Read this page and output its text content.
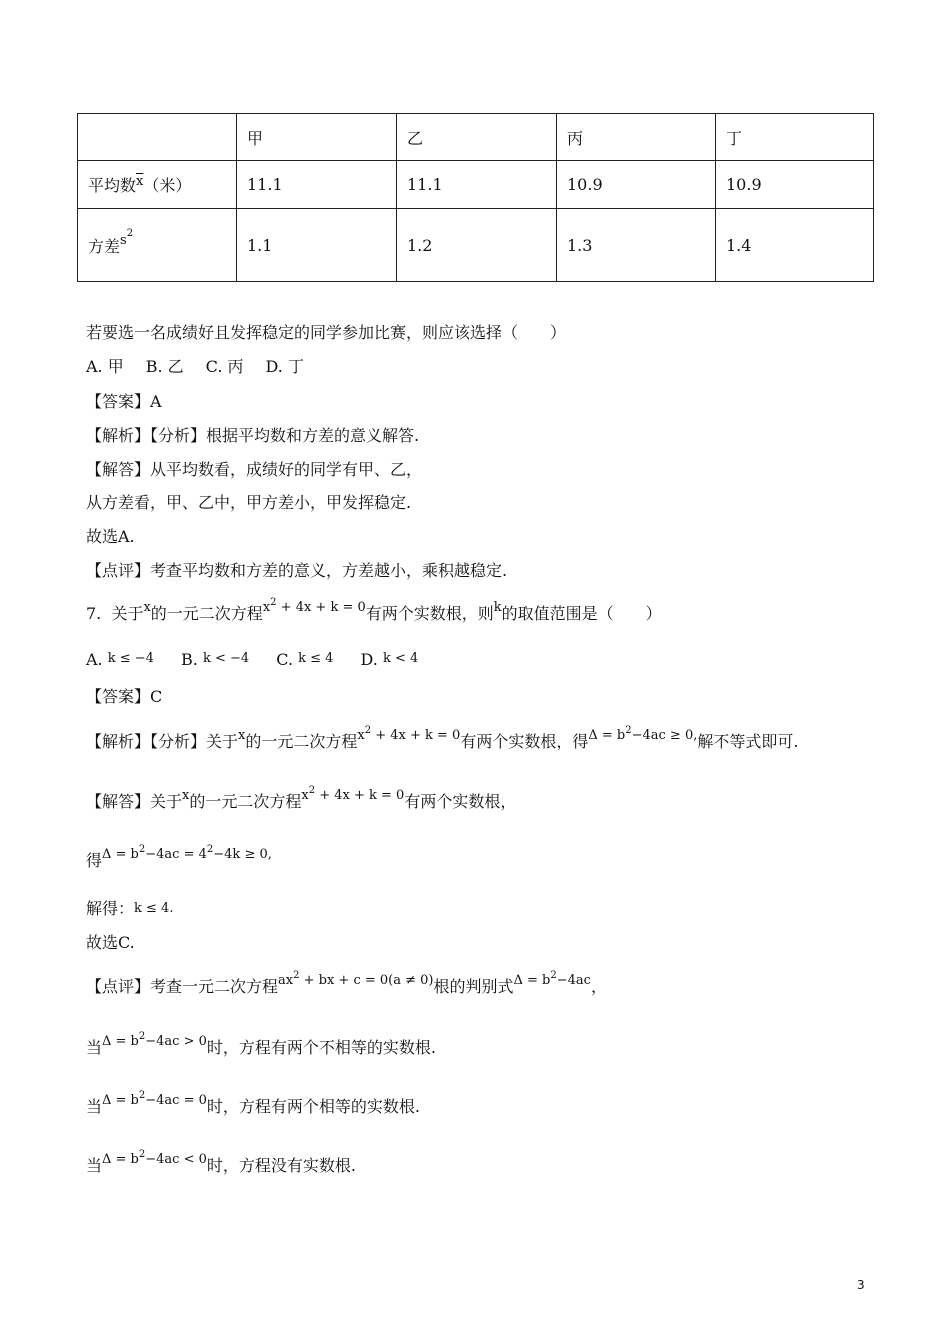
	甲	乙	丙	丁
平均数$^{\overline{x}}$（米）	11.1	11.1	10.9	10.9
方差$^{s2}$	1.1	1.2	1.3	1.4
若要选一名成绩好且发挥稳定的同学参加比赛，则应该选择（　　）
A. 甲 B. 乙 C. 丙 D. 丁
【答案】A
【解析】【分析】根据平均数和方差的意义解答.
【解答】从平均数看，成绩好的同学有甲、乙，
从方差看，甲、乙中，甲方差小，甲发挥稳定.
故选A.
【点评】考查平均数和方差的意义，方差越小，乘积越稳定.
7. 关于$^x$的一元二次方程$^{x2}$ $^{+ 4x + k = 0}$有两个实数根，则$^k$的取值范围是（　　）
A. k ≤ −4 B. k < −4 C. k ≤ 4 D. k < 4
【答案】C
【解析】【分析】关于$^x$的一元二次方程$^{x2}$ $^{+ 4x + k = 0}$有两个实数根，得$^{\Delta = b2-4ac \ge 0,}$解不等式即可.
【解答】关于$^x$的一元二次方程$^{x2}$ $^{+ 4x + k = 0}$有两个实数根，
得$^{\Delta = b2-4ac = 42-4k \ge 0,}$
解得：k ≤ 4.
故选C.
【点评】考查一元二次方程$^{ax2}$ $^{+ bx + c = 0(a \ne 0)}$根的判别式$^{\Delta = b2-4ac}$，
当$^{\Delta = b2-4ac > 0}$时，方程有两个不相等的实数根.
当$^{\Delta = b2-4ac = 0}$时，方程有两个相等的实数根.
当$^{\Delta = b2-4ac < 0}$时，方程没有实数根.
3
